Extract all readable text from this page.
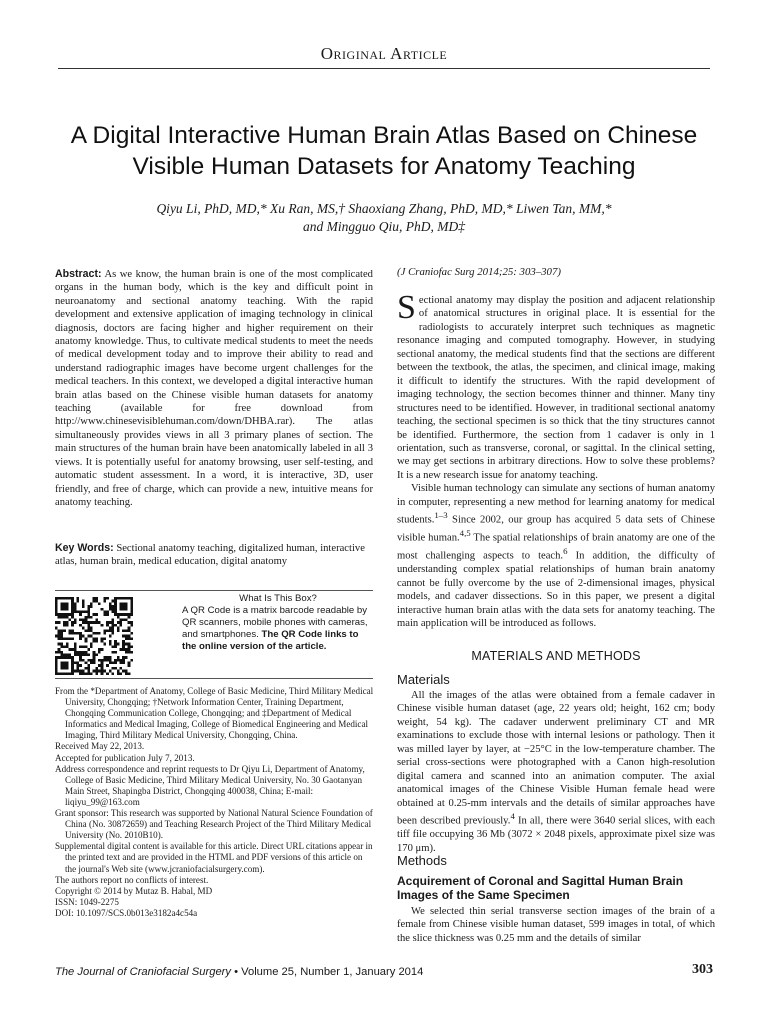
Original Article
A Digital Interactive Human Brain Atlas Based on Chinese Visible Human Datasets for Anatomy Teaching
Qiyu Li, PhD, MD,* Xu Ran, MS,† Shaoxiang Zhang, PhD, MD,* Liwen Tan, MM,*
and Mingguo Qiu, PhD, MD‡
Abstract: As we know, the human brain is one of the most complicated organs in the human body, which is the key and difficult point in neuroanatomy and sectional anatomy teaching. With the rapid development and extensive application of imaging technology in clinical diagnosis, doctors are facing higher and higher requirement on their anatomy knowledge. Thus, to cultivate medical students to meet the needs of medical development today and to improve their ability to read and understand radiographic images have become urgent challenges for the medical teachers. In this context, we developed a digital interactive human brain atlas based on the Chinese visible human datasets for anatomy teaching (available for free download from http://www.chinesevisiblehuman.com/down/DHBA.rar). The atlas simultaneously provides views in all 3 primary planes of section. The main structures of the human brain have been anatomically labeled in all 3 views. It is potentially useful for anatomy browsing, user self-testing, and automatic student assessment. In a word, it is interactive, 3D, user friendly, and free of charge, which can provide a new, intuitive means for anatomy teaching.
Key Words: Sectional anatomy teaching, digitalized human, interactive atlas, human brain, medical education, digital anatomy
What Is This Box?
A QR Code is a matrix barcode readable by QR scanners, mobile phones with cameras, and smartphones. The QR Code links to the online version of the article.
From the *Department of Anatomy, College of Basic Medicine, Third Military Medical University, Chongqing; †Network Information Center, Training Department, Chongqing Communication College, Chongqing; and ‡Department of Medical Informatics and Medical Imaging, College of Biomedical Engineering and Medical Imaging, Third Military Medical University, Chongqing, China.
Received May 22, 2013.
Accepted for publication July 7, 2013.
Address correspondence and reprint requests to Dr Qiyu Li, Department of Anatomy, College of Basic Medicine, Third Military Medical University, No. 30 Gaotanyan Main Street, Shapingba District, Chongqing 400038, China; E-mail: liqiyu_99@163.com
Grant sponsor: This research was supported by National Natural Science Foundation of China (No. 30872659) and Teaching Research Project of the Third Military Medical University (No. 2010B10).
Supplemental digital content is available for this article. Direct URL citations appear in the printed text and are provided in the HTML and PDF versions of this article on the journal's Web site (www.jcraniofacialsurgery.com).
The authors report no conflicts of interest.
Copyright © 2014 by Mutaz B. Habal, MD
ISSN: 1049-2275
DOI: 10.1097/SCS.0b013e3182a4c54a
(J Craniofac Surg 2014;25: 303–307)

Sectional anatomy may display the position and adjacent relationship of anatomical structures in original place. It is essential for the radiologists to accurately interpret such techniques as magnetic resonance imaging and computed tomography. However, in studying sectional anatomy, the medical students find that the sections are different between the textbook, the atlas, the specimen, and clinical image, making it difficult to identify the structures. With the rapid development of imaging technology, the section becomes thinner and thinner. Many tiny structures need to be identified. However, in traditional sectional anatomy teaching, the sectional specimen is so thick that the tiny structures cannot be identified. Furthermore, the section from 1 cadaver is only in 1 orientation, such as transverse, coronal, or sagittal. In the clinical setting, we may get sections in arbitrary directions. How to solve these problems? It is a new research issue for anatomy teaching.

Visible human technology can simulate any sections of human anatomy in computer, representing a new method for learning anatomy for medical students.$^{1-3}$ Since 2002, our group has acquired 5 data sets of Chinese visible human.$^{4,5}$ The spatial relationships of brain anatomy are one of the most challenging aspects to teach.$^6$ In addition, the difficulty of understanding complex spatial relationships of human brain anatomy cannot be fully overcome by the use of 2-dimensional images, physical models, and cadaver dissections. So in this paper, we present a digital interactive human brain atlas with the data sets for anatomy teaching. The main application will be introduced as follows.

MATERIALS AND METHODS
Materials

All the images of the atlas were obtained from a female cadaver in Chinese visible human dataset (age, 22 years old; height, 162 cm; body weight, 54 kg). The cadaver underwent preliminary CT and MR examinations to exclude those with internal lesions or pathology. Then it was milled layer by layer, at −25°C in the low-temperature chamber. The serial cross-sections were photographed with a Canon high-resolution digital camera and scanned into an animation computer. The axial anatomical images of the Chinese Visible Human female head were obtained at 0.25-mm intervals and the details of similar approaches have been described previously.$^4$ In all, there were 3640 serial slices, with each tiff file occupying 36 Mb (3072 × 2048 pixels, approximate pixel size was 170 μm).

Methods
Acquirement of Coronal and Sagittal Human Brain Images of the Same Specimen

We selected thin serial transverse section images of the brain of a female from Chinese visible human dataset, 599 images in total, of which the slice thickness was 0.25 mm and the details of similar

The Journal of Craniofacial Surgery • Volume 25, Number 1, January 2014	303
